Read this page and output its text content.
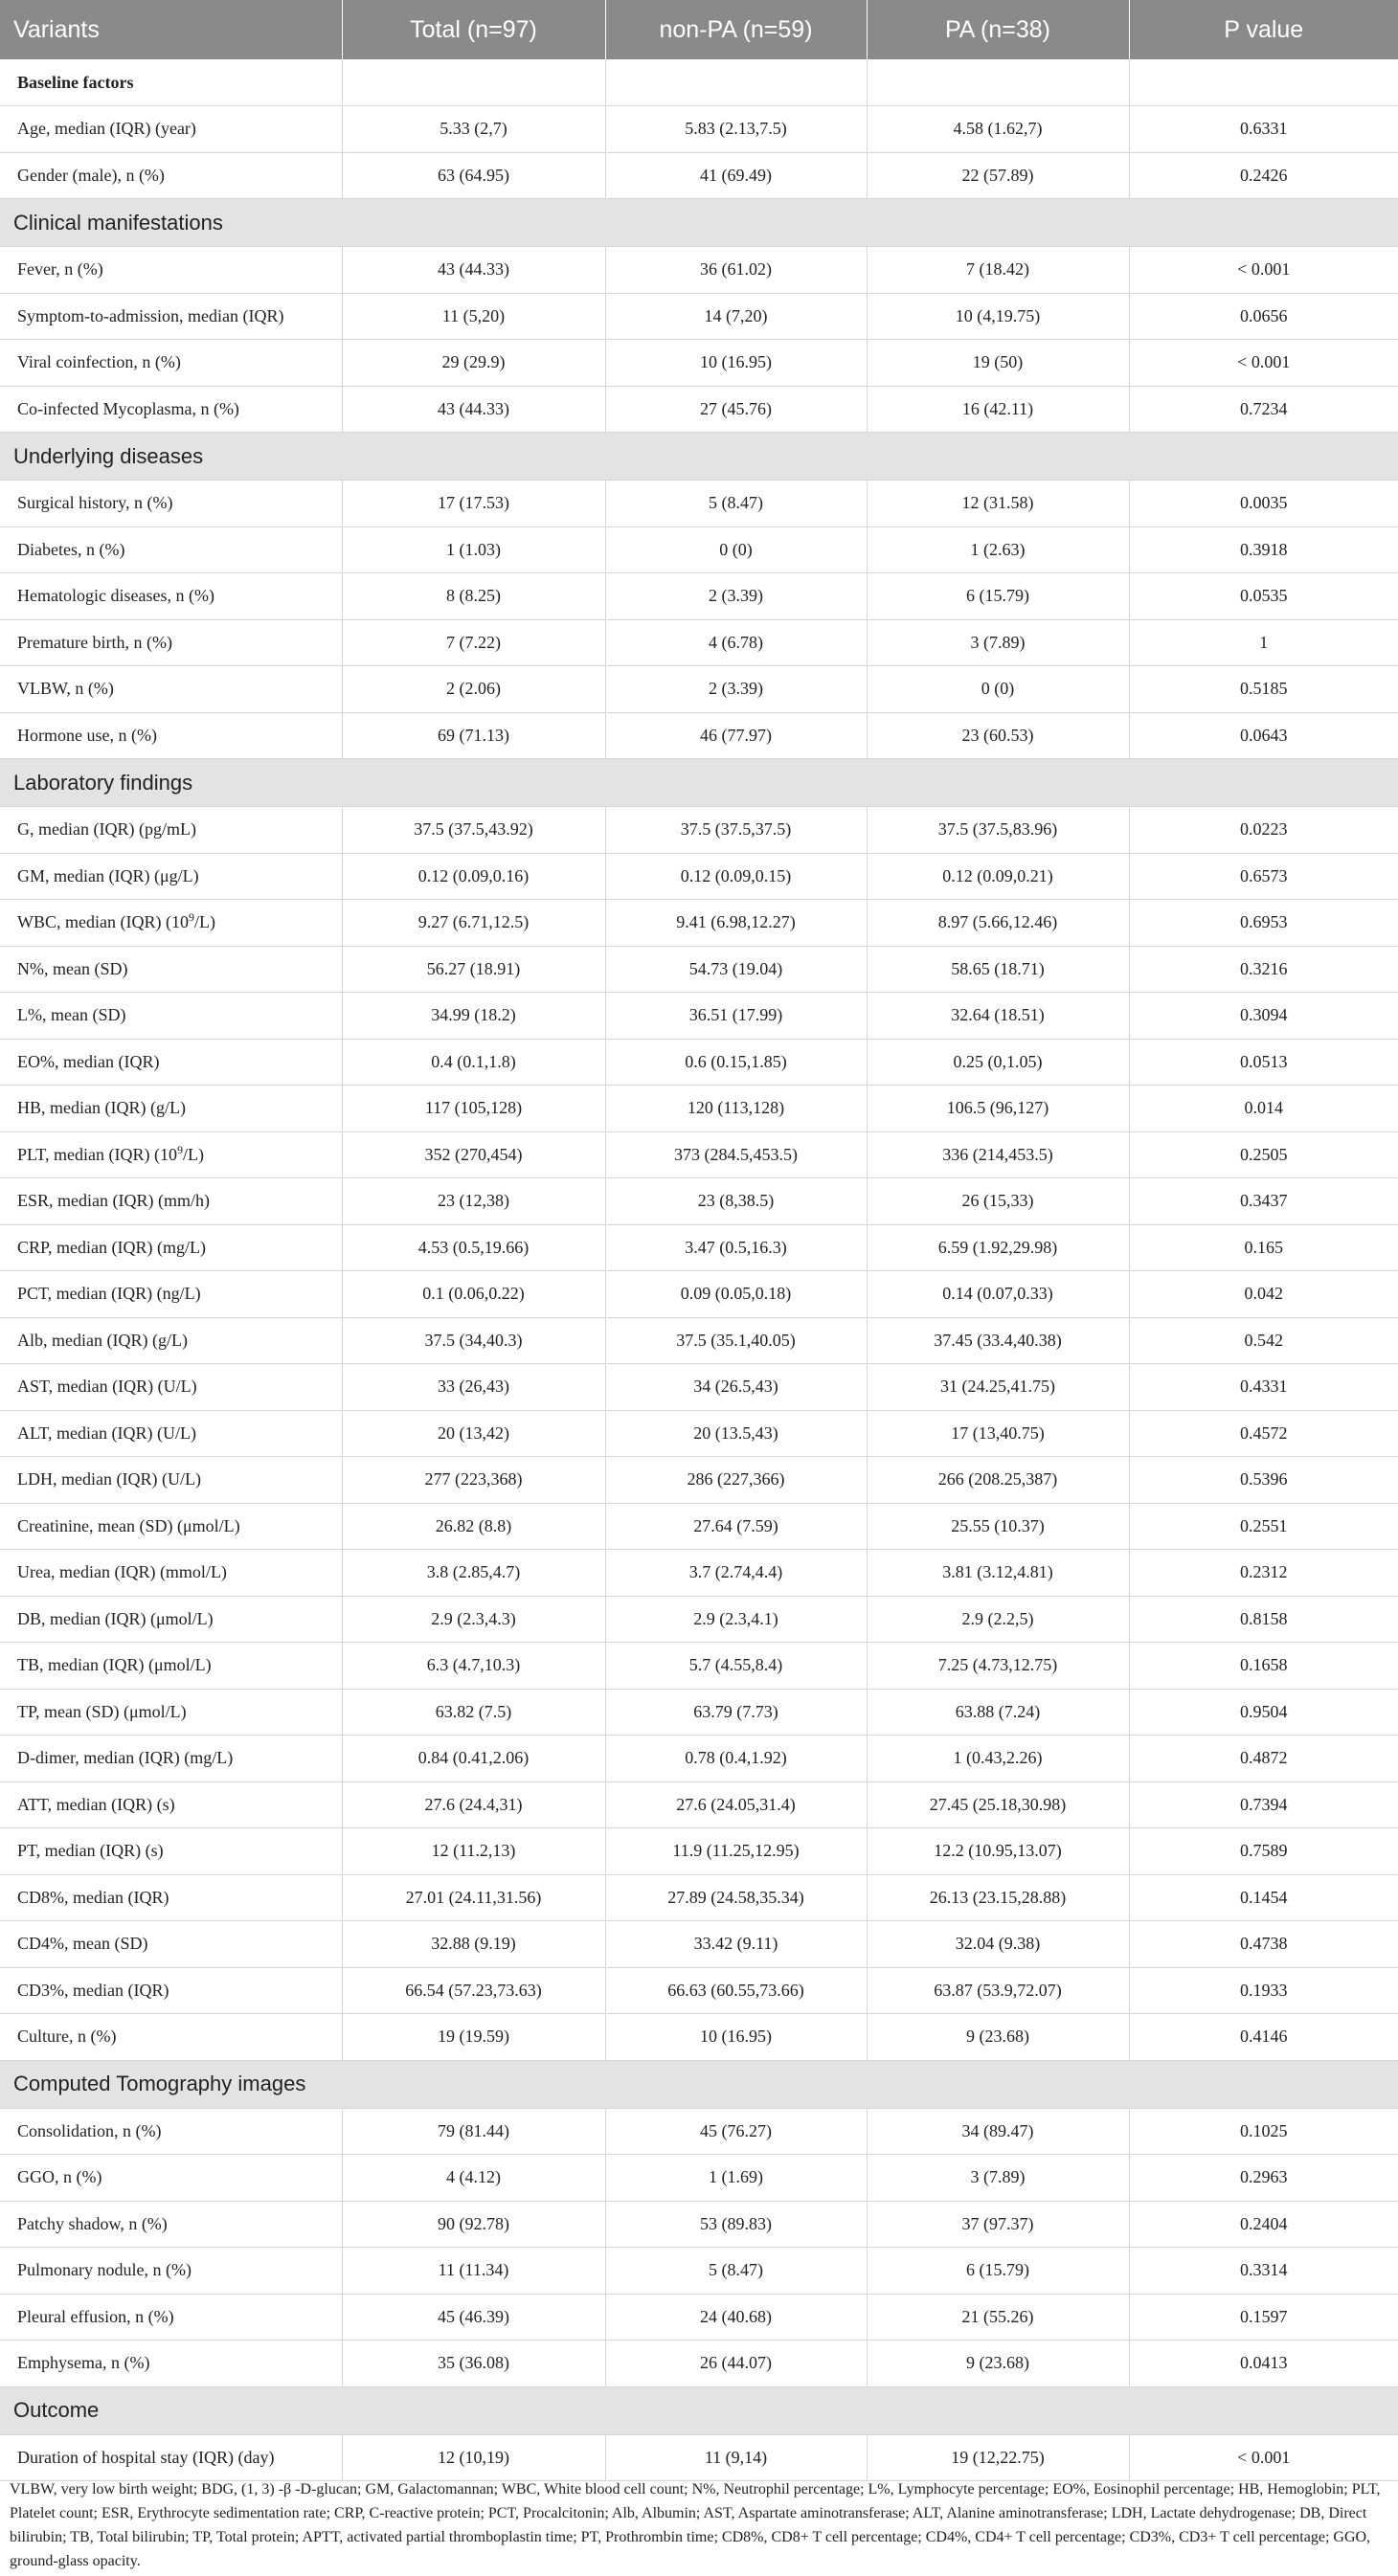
Variants	Total (n=97)	non-PA (n=59)	PA (n=38)	P value
Baseline factors				
Age, median (IQR) (year)	5.33 (2,7)	5.83 (2.13,7.5)	4.58 (1.62,7)	0.6331
Gender (male), n (%)	63 (64.95)	41 (69.49)	22 (57.89)	0.2426
Clinical manifestations				
Fever, n (%)	43 (44.33)	36 (61.02)	7 (18.42)	< 0.001
Symptom-to-admission, median (IQR)	11 (5,20)	14 (7,20)	10 (4,19.75)	0.0656
Viral coinfection, n (%)	29 (29.9)	10 (16.95)	19 (50)	< 0.001
Co-infected Mycoplasma, n (%)	43 (44.33)	27 (45.76)	16 (42.11)	0.7234
Underlying diseases				
Surgical history, n (%)	17 (17.53)	5 (8.47)	12 (31.58)	0.0035
Diabetes, n (%)	1 (1.03)	0 (0)	1 (2.63)	0.3918
Hematologic diseases, n (%)	8 (8.25)	2 (3.39)	6 (15.79)	0.0535
Premature birth, n (%)	7 (7.22)	4 (6.78)	3 (7.89)	1
VLBW, n (%)	2 (2.06)	2 (3.39)	0 (0)	0.5185
Hormone use, n (%)	69 (71.13)	46 (77.97)	23 (60.53)	0.0643
Laboratory findings				
G, median (IQR) (pg/mL)	37.5 (37.5,43.92)	37.5 (37.5,37.5)	37.5 (37.5,83.96)	0.0223
GM, median (IQR) (μg/L)	0.12 (0.09,0.16)	0.12 (0.09,0.15)	0.12 (0.09,0.21)	0.6573
WBC, median (IQR) $(10^9/L)$	9.27 (6.71,12.5)	9.41 (6.98,12.27)	8.97 (5.66,12.46)	0.6953
N%, mean (SD)	56.27 (18.91)	54.73 (19.04)	58.65 (18.71)	0.3216
L%, mean (SD)	34.99 (18.2)	36.51 (17.99)	32.64 (18.51)	0.3094
EO%, median (IQR)	0.4 (0.1,1.8)	0.6 (0.15,1.85)	0.25 (0,1.05)	0.0513
HB, median (IQR) (g/L)	117 (105,128)	120 (113,128)	106.5 (96,127)	0.014
PLT, median (IQR) $(10^9/L)$	352 (270,454)	373 (284.5,453.5)	336 (214,453.5)	0.2505
ESR, median (IQR) (mm/h)	23 (12,38)	23 (8,38.5)	26 (15,33)	0.3437
CRP, median (IQR) (mg/L)	4.53 (0.5,19.66)	3.47 (0.5,16.3)	6.59 (1.92,29.98)	0.165
PCT, median (IQR) (ng/L)	0.1 (0.06,0.22)	0.09 (0.05,0.18)	0.14 (0.07,0.33)	0.042
Alb, median (IQR) (g/L)	37.5 (34,40.3)	37.5 (35.1,40.05)	37.45 (33.4,40.38)	0.542
AST, median (IQR) (U/L)	33 (26,43)	34 (26.5,43)	31 (24.25,41.75)	0.4331
ALT, median (IQR) (U/L)	20 (13,42)	20 (13.5,43)	17 (13,40.75)	0.4572
LDH, median (IQR) (U/L)	277 (223,368)	286 (227,366)	266 (208.25,387)	0.5396
Creatinine, mean (SD) (μmol/L)	26.82 (8.8)	27.64 (7.59)	25.55 (10.37)	0.2551
Urea, median (IQR) (mmol/L)	3.8 (2.85,4.7)	3.7 (2.74,4.4)	3.81 (3.12,4.81)	0.2312
DB, median (IQR) (μmol/L)	2.9 (2.3,4.3)	2.9 (2.3,4.1)	2.9 (2.2,5)	0.8158
TB, median (IQR) (μmol/L)	6.3 (4.7,10.3)	5.7 (4.55,8.4)	7.25 (4.73,12.75)	0.1658
TP, mean (SD) (μmol/L)	63.82 (7.5)	63.79 (7.73)	63.88 (7.24)	0.9504
D-dimer, median (IQR) (mg/L)	0.84 (0.41,2.06)	0.78 (0.4,1.92)	1 (0.43,2.26)	0.4872
ATT, median (IQR) (s)	27.6 (24.4,31)	27.6 (24.05,31.4)	27.45 (25.18,30.98)	0.7394
PT, median (IQR) (s)	12 (11.2,13)	11.9 (11.25,12.95)	12.2 (10.95,13.07)	0.7589
CD8%, median (IQR)	27.01 (24.11,31.56)	27.89 (24.58,35.34)	26.13 (23.15,28.88)	0.1454
CD4%, mean (SD)	32.88 (9.19)	33.42 (9.11)	32.04 (9.38)	0.4738
CD3%, median (IQR)	66.54 (57.23,73.63)	66.63 (60.55,73.66)	63.87 (53.9,72.07)	0.1933
Culture, n (%)	19 (19.59)	10 (16.95)	9 (23.68)	0.4146
Computed Tomography images				
Consolidation, n (%)	79 (81.44)	45 (76.27)	34 (89.47)	0.1025
GGO, n (%)	4 (4.12)	1 (1.69)	3 (7.89)	0.2963
Patchy shadow, n (%)	90 (92.78)	53 (89.83)	37 (97.37)	0.2404
Pulmonary nodule, n (%)	11 (11.34)	5 (8.47)	6 (15.79)	0.3314
Pleural effusion, n (%)	45 (46.39)	24 (40.68)	21 (55.26)	0.1597
Emphysema, n (%)	35 (36.08)	26 (44.07)	9 (23.68)	0.0413
Outcome				
Duration of hospital stay (IQR) (day)	12 (10,19)	11 (9,14)	19 (12,22.75)	< 0.001
VLBW, very low birth weight; BDG, (1, 3) -β -D-glucan; GM, Galactomannan; WBC, White blood cell count; N%, Neutrophil percentage; L%, Lymphocyte percentage; EO%, Eosinophil percentage; HB, Hemoglobin; PLT, Platelet count; ESR, Erythrocyte sedimentation rate; CRP, C-reactive protein; PCT, Procalcitonin; Alb, Albumin; AST, Aspartate aminotransferase; ALT, Alanine aminotransferase; LDH, Lactate dehydrogenase; DB, Direct bilirubin; TB, Total bilirubin; TP, Total protein; APTT, activated partial thromboplastin time; PT, Prothrombin time; CD8%, CD8+ T cell percentage; CD4%, CD4+ T cell percentage; CD3%, CD3+ T cell percentage; GGO, ground-glass opacity.
